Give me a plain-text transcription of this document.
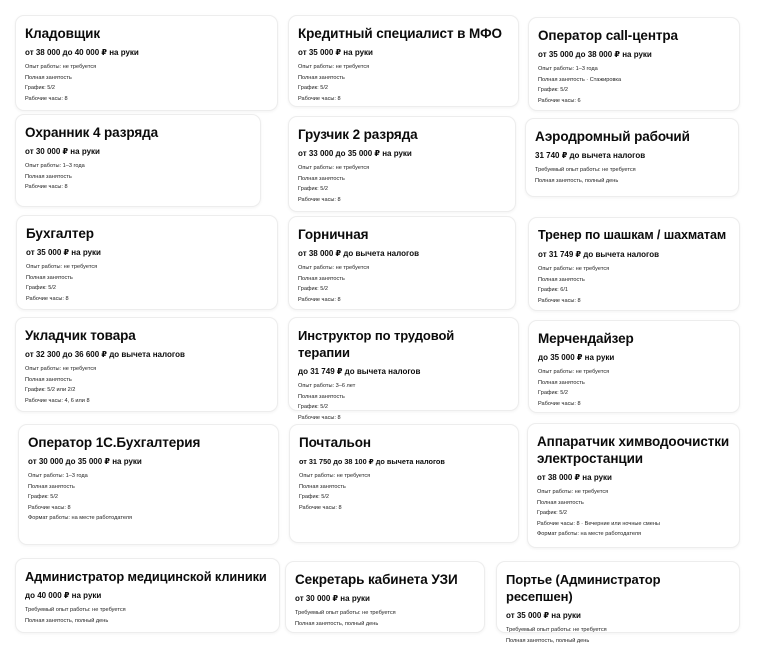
Кладовщик
от 38 000 до 40 000 ₽ на руки
Опыт работы: не требуется
Полная занятость
График: 5/2
Рабочие часы: 8
Кредитный специалист в МФО
от 35 000 ₽ на руки
Опыт работы: не требуется
Полная занятость
График: 5/2
Рабочие часы: 8
Оператор call-центра
от 35 000 до 38 000 ₽ на руки
Опыт работы: 1–3 года
Полная занятость · Стажировка
График: 5/2
Рабочие часы: 6
Охранник 4 разряда
от 30 000 ₽ на руки
Опыт работы: 1–3 года
Полная занятость
Рабочие часы: 8
Грузчик 2 разряда
от 33 000 до 35 000 ₽ на руки
Опыт работы: не требуется
Полная занятость
График: 5/2
Рабочие часы: 8
Аэродромный рабочий
31 740 ₽ до вычета налогов
Требуемый опыт работы: не требуется
Полная занятость, полный день
Бухгалтер
от 35 000 ₽ на руки
Опыт работы: не требуется
Полная занятость
График: 5/2
Рабочие часы: 8
Горничная
от 38 000 ₽ до вычета налогов
Опыт работы: не требуется
Полная занятость
График: 5/2
Рабочие часы: 8
Тренер по шашкам / шахматам
от 31 749 ₽ до вычета налогов
Опыт работы: не требуется
Полная занятость
График: 6/1
Рабочие часы: 8
Укладчик товара
от 32 300 до 36 600 ₽ до вычета налогов
Опыт работы: не требуется
Полная занятость
График: 5/2 или 2/2
Рабочие часы: 4, 6 или 8
Инструктор по трудовой терапии
до 31 749 ₽ до вычета налогов
Опыт работы: 3–6 лет
Полная занятость
График: 5/2
Рабочие часы: 8
Мерчендайзер
до 35 000 ₽ на руки
Опыт работы: не требуется
Полная занятость
График: 5/2
Рабочие часы: 8
Оператор 1С.Бухгалтерия
от 30 000 до 35 000 ₽ на руки
Опыт работы: 1–3 года
Полная занятость
График: 5/2
Рабочие часы: 8
Формат работы: на месте работодателя
Почтальон
от 31 750 до 38 100 ₽ до вычета налогов
Опыт работы: не требуется
Полная занятость
График: 5/2
Рабочие часы: 8
Аппаратчик химводоочистки электростанции
от 38 000 ₽ на руки
Опыт работы: не требуется
Полная занятость
График: 5/2
Рабочие часы: 8 · Вечерние или ночные смены
Формат работы: на месте работодателя
Администратор медицинской клиники
до 40 000 ₽ на руки
Требуемый опыт работы: не требуется
Полная занятость, полный день
Секретарь кабинета УЗИ
от 30 000 ₽ на руки
Требуемый опыт работы: не требуется
Полная занятость, полный день
Портье (Администратор ресепшен)
от 35 000 ₽ на руки
Требуемый опыт работы: не требуется
Полная занятость, полный день
